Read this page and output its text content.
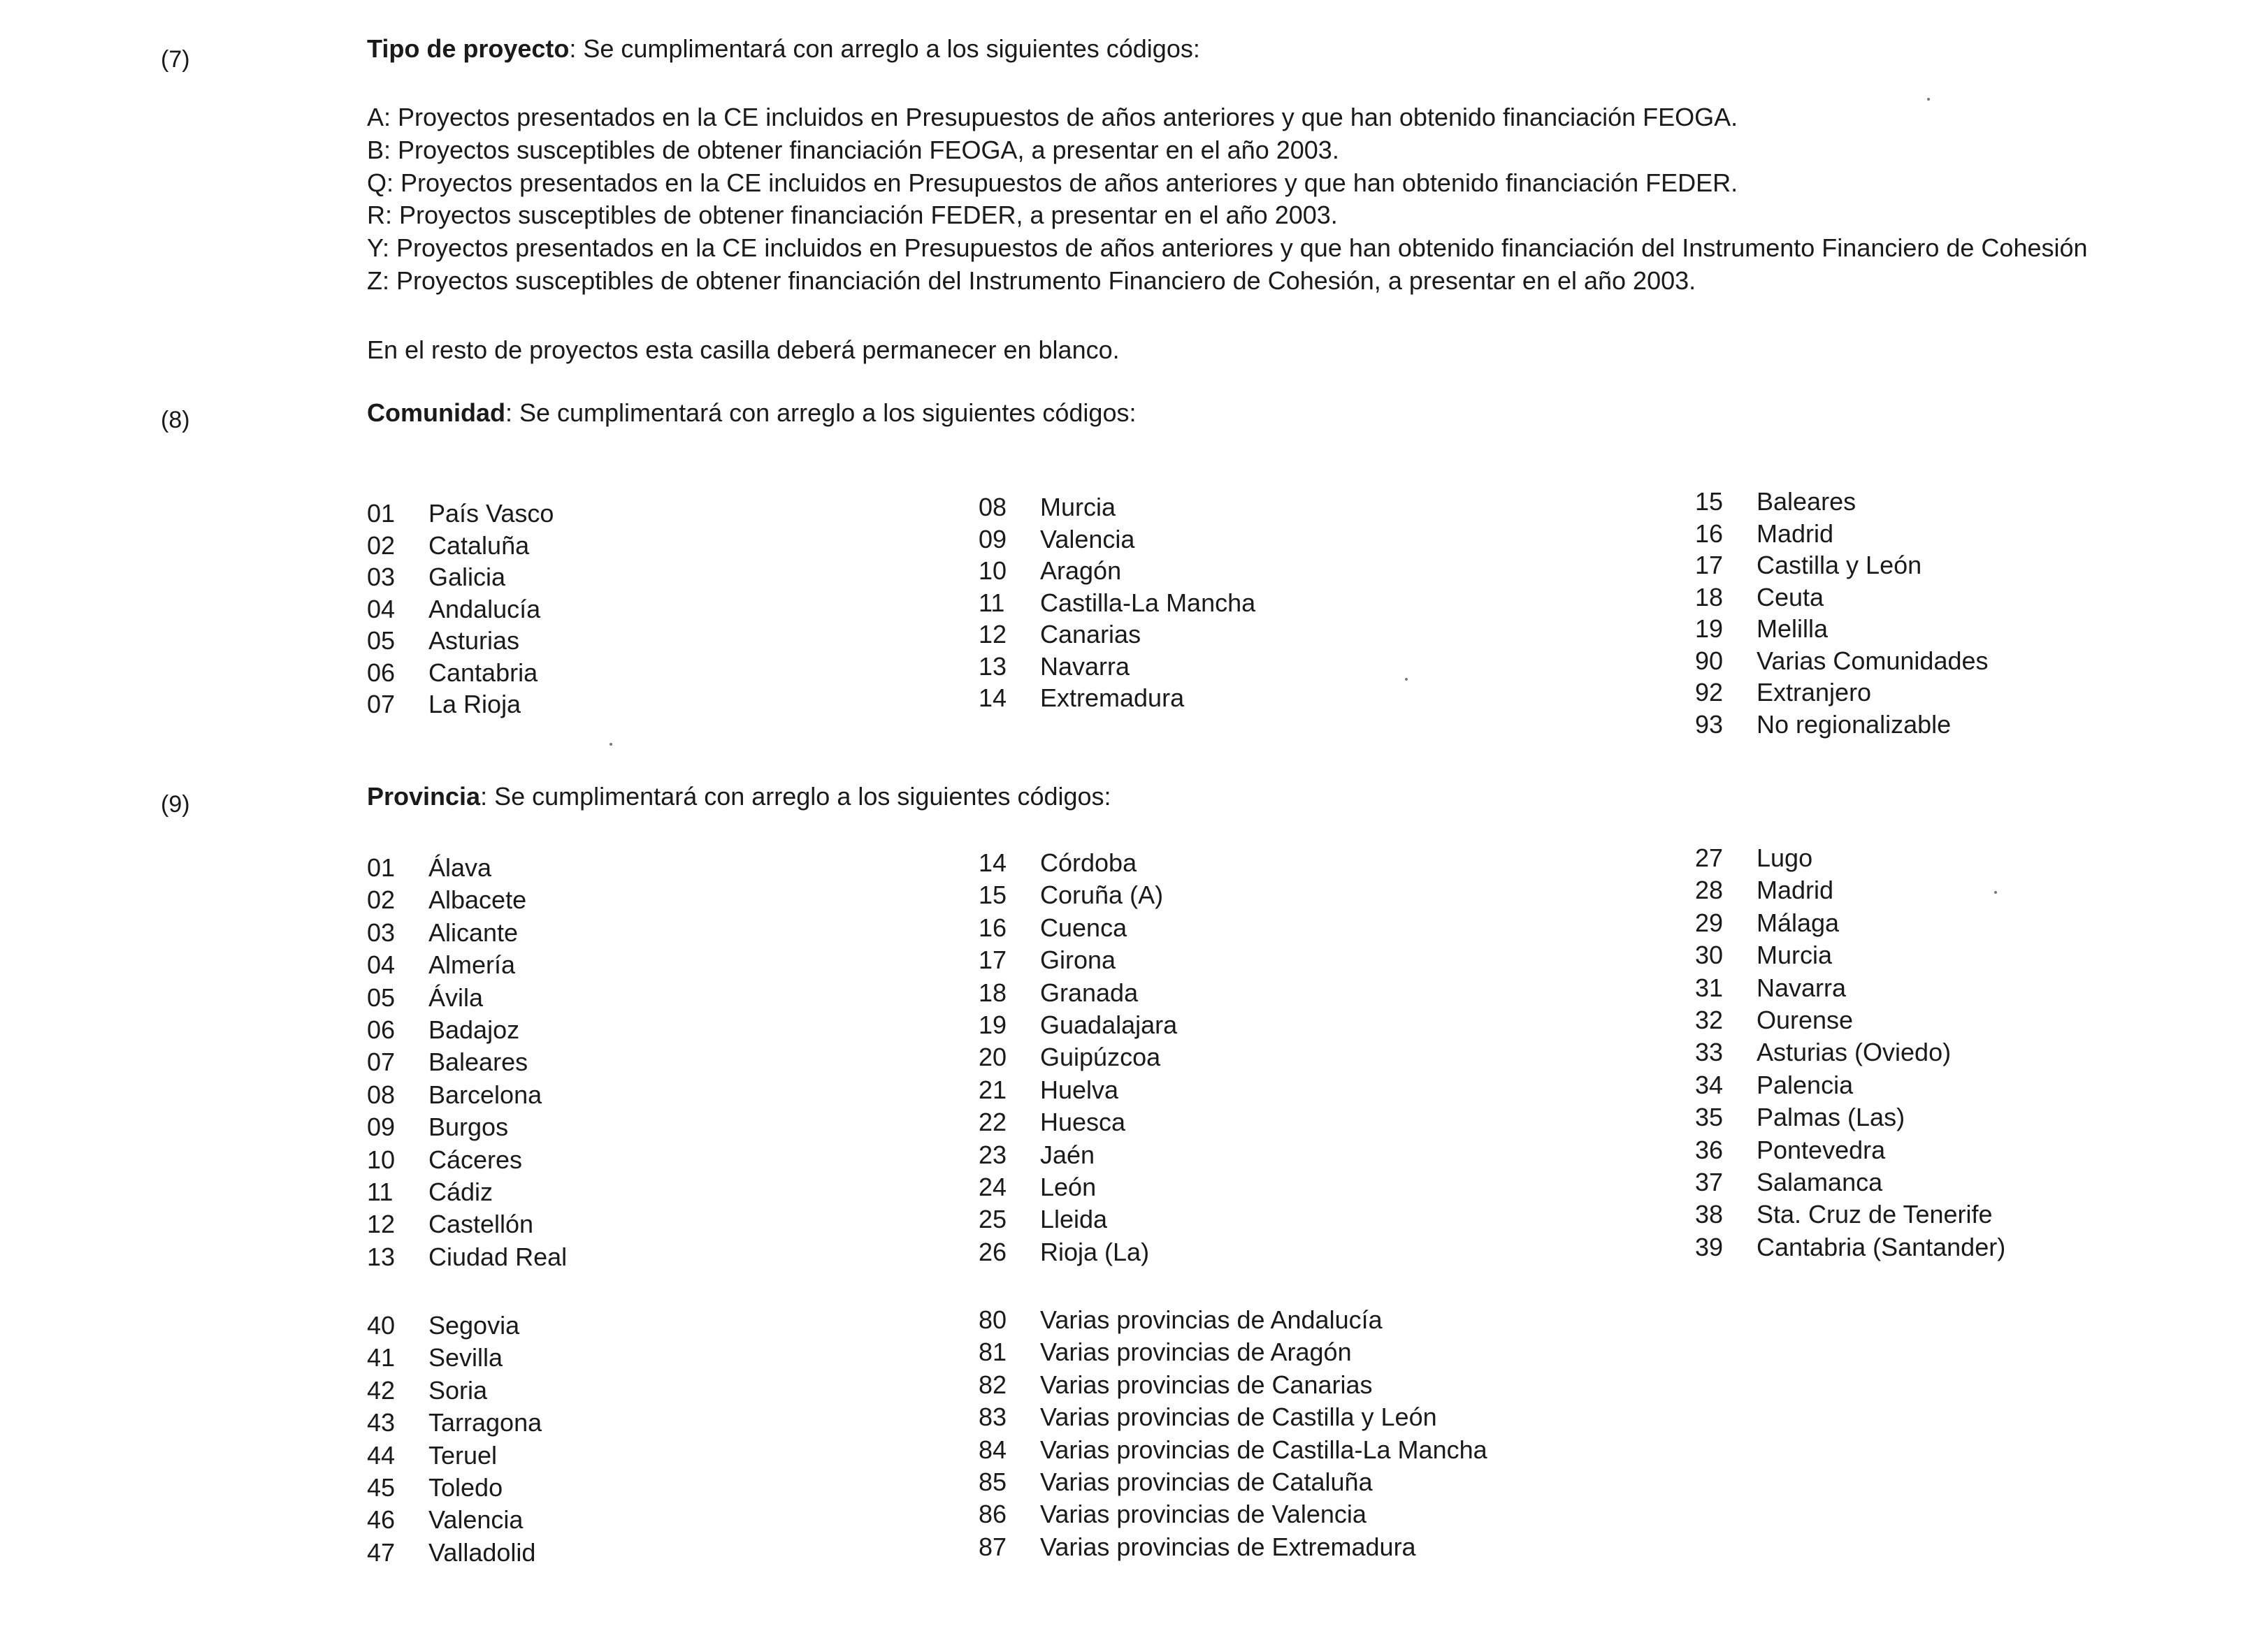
(7)	Tipo de proyecto: Se cumplimentará con arreglo a los siguientes códigos:
A: Proyectos presentados en la CE incluidos en Presupuestos de años anteriores y que han obtenido financiación FEOGA.
B: Proyectos susceptibles de obtener financiación FEOGA, a presentar en el año 2003.
Q: Proyectos presentados en la CE incluidos en Presupuestos de años anteriores y que han obtenido financiación FEDER.
R: Proyectos susceptibles de obtener financiación FEDER, a presentar en el año 2003.
Y: Proyectos presentados en la CE incluidos en Presupuestos de años anteriores y que han obtenido financiación del Instrumento Financiero de Cohesión
Z: Proyectos susceptibles de obtener financiación del Instrumento Financiero de Cohesión, a presentar en el año 2003.
En el resto de proyectos esta casilla deberá permanecer en blanco.
(8)	Comunidad: Se cumplimentará con arreglo a los siguientes códigos:
01 País Vasco
02 Cataluña
03 Galicia
04 Andalucía
05 Asturias
06 Cantabria
07 La Rioja
08 Murcia
09 Valencia
10 Aragón
11 Castilla-La Mancha
12 Canarias
13 Navarra
14 Extremadura
15 Baleares
16 Madrid
17 Castilla y León
18 Ceuta
19 Melilla
90 Varias Comunidades
92 Extranjero
93 No regionalizable
(9)	Provincia: Se cumplimentará con arreglo a los siguientes códigos:
01 Álava
02 Albacete
03 Alicante
04 Almería
05 Ávila
06 Badajoz
07 Baleares
08 Barcelona
09 Burgos
10 Cáceres
11 Cádiz
12 Castellón
13 Ciudad Real
14 Córdoba
15 Coruña (A)
16 Cuenca
17 Girona
18 Granada
19 Guadalajara
20 Guipúzcoa
21 Huelva
22 Huesca
23 Jaén
24 León
25 Lleida
26 Rioja (La)
27 Lugo
28 Madrid
29 Málaga
30 Murcia
31 Navarra
32 Ourense
33 Asturias (Oviedo)
34 Palencia
35 Palmas (Las)
36 Pontevedra
37 Salamanca
38 Sta. Cruz de Tenerife
39 Cantabria (Santander)
40 Segovia
41 Sevilla
42 Soria
43 Tarragona
44 Teruel
45 Toledo
46 Valencia
47 Valladolid
80 Varias provincias de Andalucía
81 Varias provincias de Aragón
82 Varias provincias de Canarias
83 Varias provincias de Castilla y León
84 Varias provincias de Castilla-La Mancha
85 Varias provincias de Cataluña
86 Varias provincias de Valencia
87 Varias provincias de Extremadura
